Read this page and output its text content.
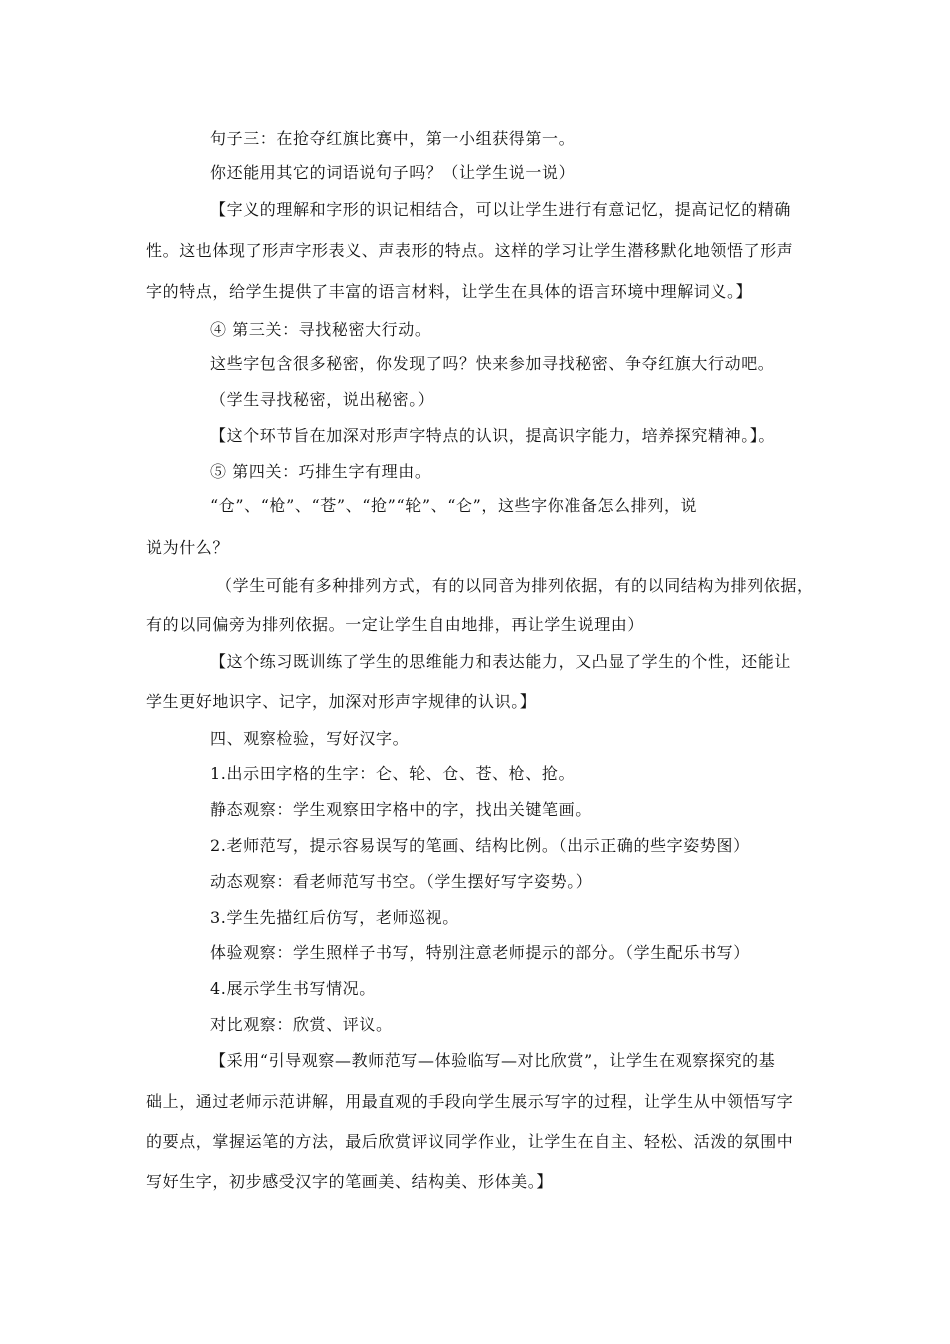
句子三：在抢夺红旗比赛中，第一小组获得第一。
你还能用其它的词语说句子吗？（让学生说一说）
【字义的理解和字形的识记相结合，可以让学生进行有意记忆，提高记忆的精确
性。这也体现了形声字形表义、声表形的特点。这样的学习让学生潜移默化地领悟了形声
字的特点，给学生提供了丰富的语言材料，让学生在具体的语言环境中理解词义。】
④ 第三关：寻找秘密大行动。
这些字包含很多秘密，你发现了吗？快来参加寻找秘密、争夺红旗大行动吧。
（学生寻找秘密，说出秘密。）
【这个环节旨在加深对形声字特点的认识，提高识字能力，培养探究精神。】。
⑤ 第四关：巧排生字有理由。
“仓”、“枪”、“苍”、“抢”“轮”、“仑”，这些字你准备怎么排列，说
说为什么？
（学生可能有多种排列方式，有的以同音为排列依据，有的以同结构为排列依据，
有的以同偏旁为排列依据。一定让学生自由地排，再让学生说理由）
【这个练习既训练了学生的思维能力和表达能力，又凸显了学生的个性，还能让
学生更好地识字、记字，加深对形声字规律的认识。】
四、观察检验，写好汉字。
1.出示田字格的生字：仑、轮、仓、苍、枪、抢。
静态观察：学生观察田字格中的字，找出关键笔画。
2.老师范写，提示容易误写的笔画、结构比例。（出示正确的些字姿势图）
动态观察：看老师范写书空。（学生摆好写字姿势。）
3.学生先描红后仿写，老师巡视。
体验观察：学生照样子书写，特别注意老师提示的部分。（学生配乐书写）
4.展示学生书写情况。
对比观察：欣赏、评议。
【采用“引导观察—教师范写—体验临写—对比欣赏”，让学生在观察探究的基
础上，通过老师示范讲解，用最直观的手段向学生展示写字的过程，让学生从中领悟写字
的要点，掌握运笔的方法，最后欣赏评议同学作业，让学生在自主、轻松、活泼的氛围中
写好生字，初步感受汉字的笔画美、结构美、形体美。】
